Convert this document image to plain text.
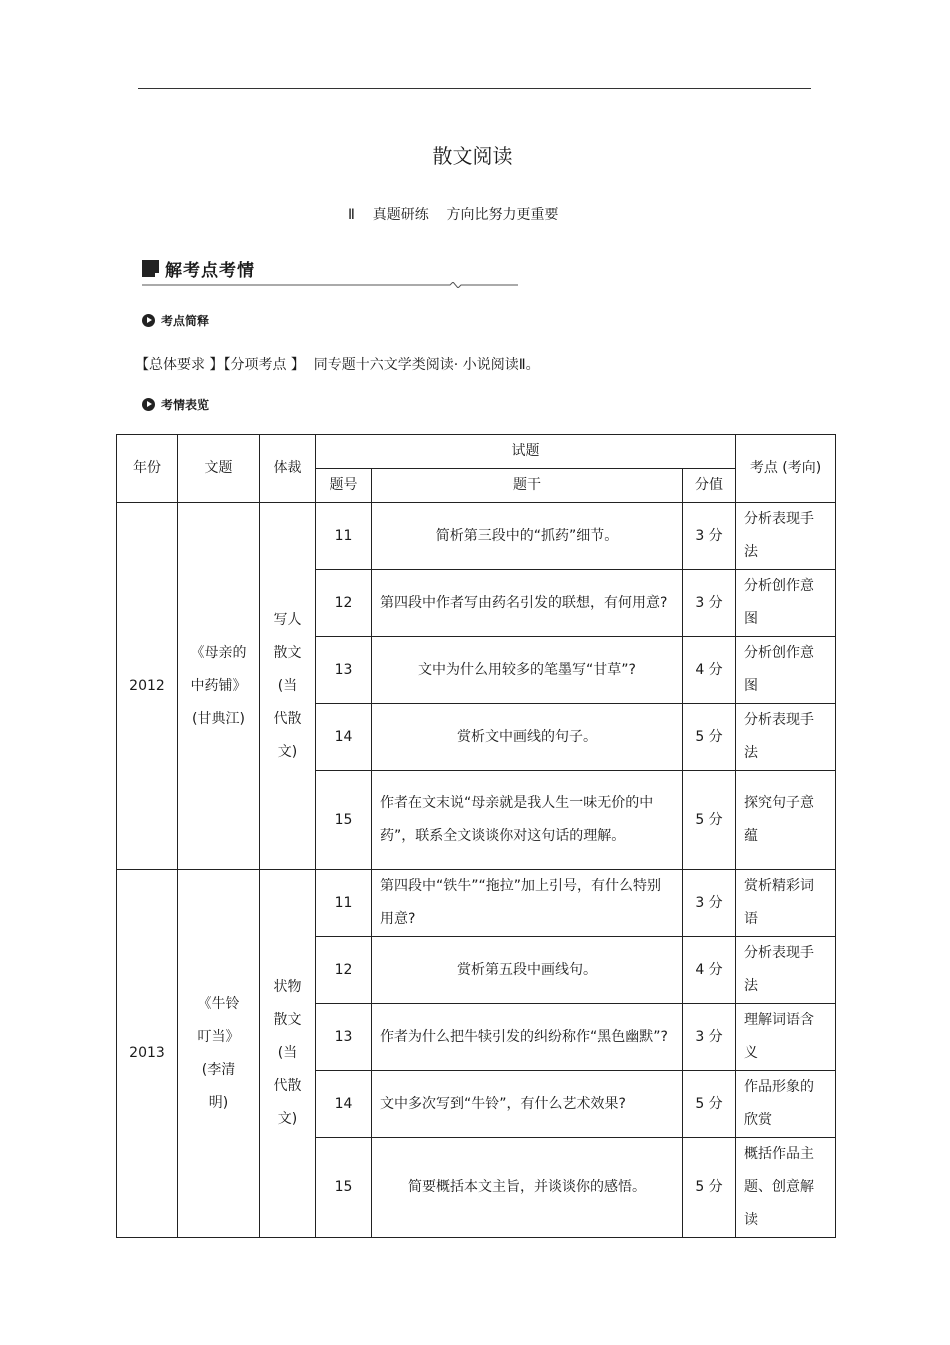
散文阅读
Ⅱ    真题研练    方向比努力更重要
解考点考情
考点简释
【总体要求 】【分项考点 】  同专题十六文学类阅读· 小说阅读Ⅱ。
考情表览
年份	文题	体裁	试题			考点 (考向)
			题号	题干	分值	
2012	《母亲的中药铺》(甘典江)	写人散文(当代散文)	11	简析第三段中的“抓药”细节。	3 分	分析表现手法
			12	第四段中作者写由药名引发的联想，有何用意?	3 分	分析创作意图
			13	文中为什么用较多的笔墨写“甘草”?	4 分	分析创作意图
			14	赏析文中画线的句子。	5 分	分析表现手法
			15	作者在文末说“母亲就是我人生一味无价的中药”，联系全文谈谈你对这句话的理解。	5 分	探究句子意蕴
2013	《牛铃叮当》(李清明)	状物散文(当代散文)	11	第四段中“铁牛”“拖拉”加上引号，有什么特别用意?	3 分	赏析精彩词语
			12	赏析第五段中画线句。	4 分	分析表现手法
			13	作者为什么把牛犊引发的纠纷称作“黑色幽默”?	3 分	理解词语含义
			14	文中多次写到“牛铃”，有什么艺术效果?	5 分	作品形象的欣赏
			15	简要概括本文主旨，并谈谈你的感悟。	5 分	概括作品主题、创意解读
